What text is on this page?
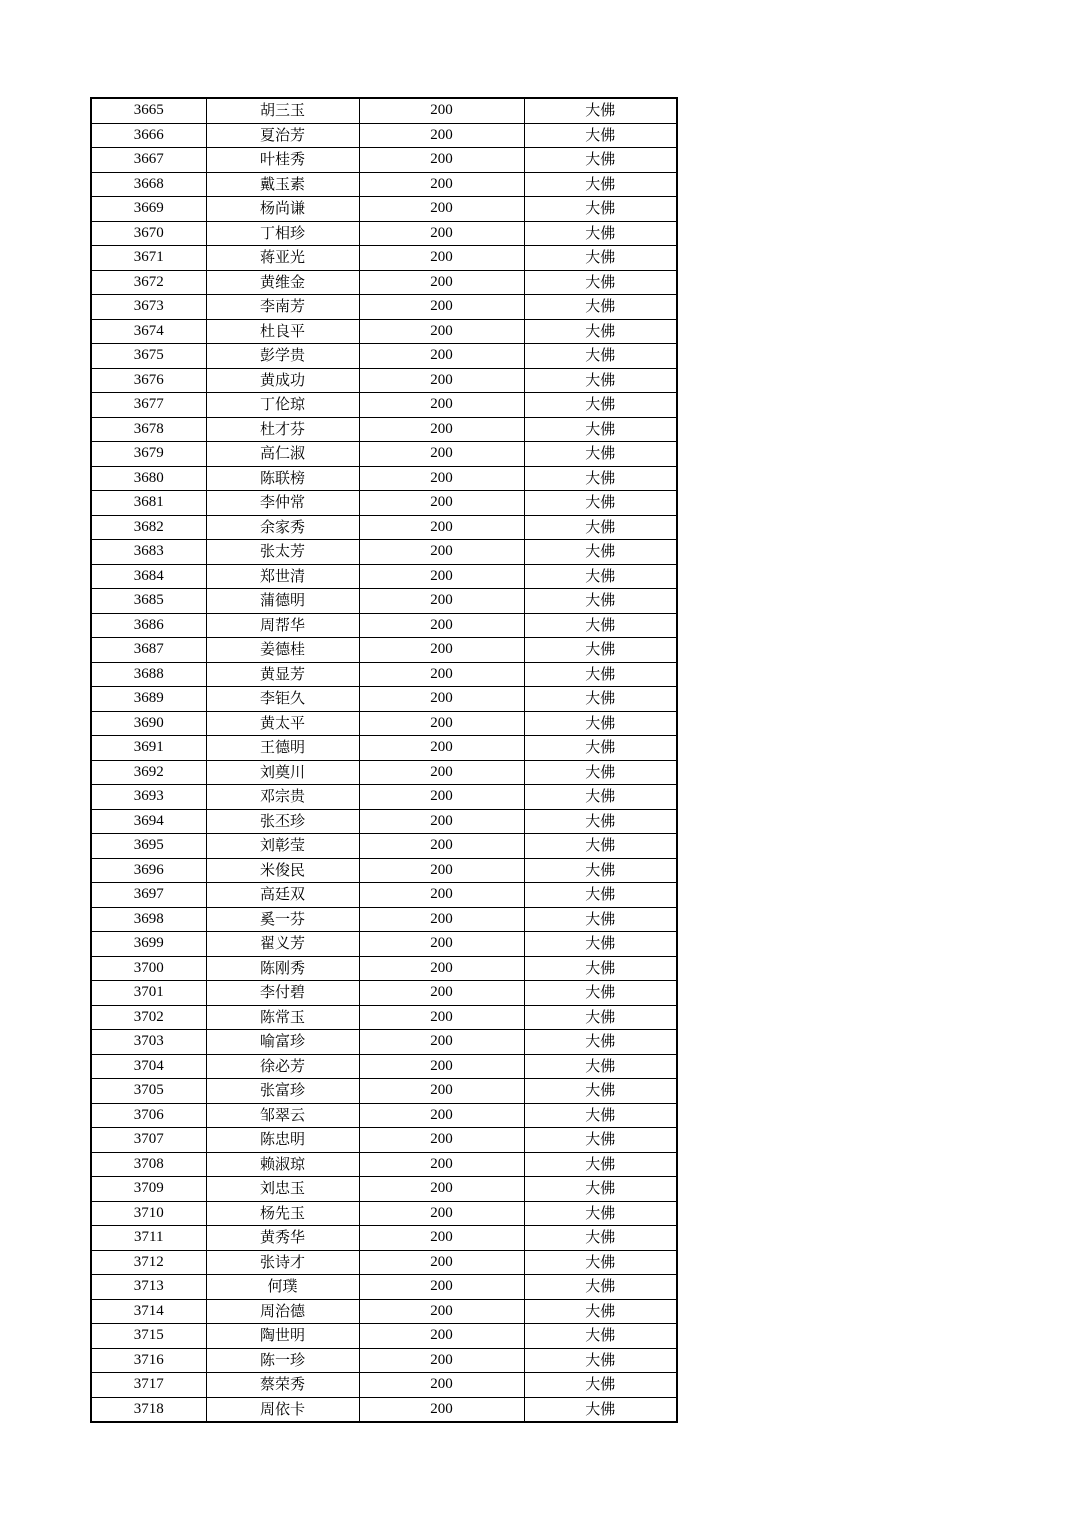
3665	胡三玉	200	大佛
3666	夏治芳	200	大佛
3667	叶桂秀	200	大佛
3668	戴玉素	200	大佛
3669	杨尚谦	200	大佛
3670	丁相珍	200	大佛
3671	蒋亚光	200	大佛
3672	黄维金	200	大佛
3673	李南芳	200	大佛
3674	杜良平	200	大佛
3675	彭学贵	200	大佛
3676	黄成功	200	大佛
3677	丁伦琼	200	大佛
3678	杜才芬	200	大佛
3679	高仁淑	200	大佛
3680	陈联榜	200	大佛
3681	李仲常	200	大佛
3682	余家秀	200	大佛
3683	张太芳	200	大佛
3684	郑世清	200	大佛
3685	蒲德明	200	大佛
3686	周帮华	200	大佛
3687	姜德桂	200	大佛
3688	黄显芳	200	大佛
3689	李钜久	200	大佛
3690	黄太平	200	大佛
3691	王德明	200	大佛
3692	刘奠川	200	大佛
3693	邓宗贵	200	大佛
3694	张丕珍	200	大佛
3695	刘彰莹	200	大佛
3696	米俊民	200	大佛
3697	高廷双	200	大佛
3698	奚一芬	200	大佛
3699	翟义芳	200	大佛
3700	陈刚秀	200	大佛
3701	李付碧	200	大佛
3702	陈常玉	200	大佛
3703	喻富珍	200	大佛
3704	徐必芳	200	大佛
3705	张富珍	200	大佛
3706	邹翠云	200	大佛
3707	陈忠明	200	大佛
3708	赖淑琼	200	大佛
3709	刘忠玉	200	大佛
3710	杨先玉	200	大佛
3711	黄秀华	200	大佛
3712	张诗才	200	大佛
3713	何璞	200	大佛
3714	周治德	200	大佛
3715	陶世明	200	大佛
3716	陈一珍	200	大佛
3717	蔡荣秀	200	大佛
3718	周依卡	200	大佛
